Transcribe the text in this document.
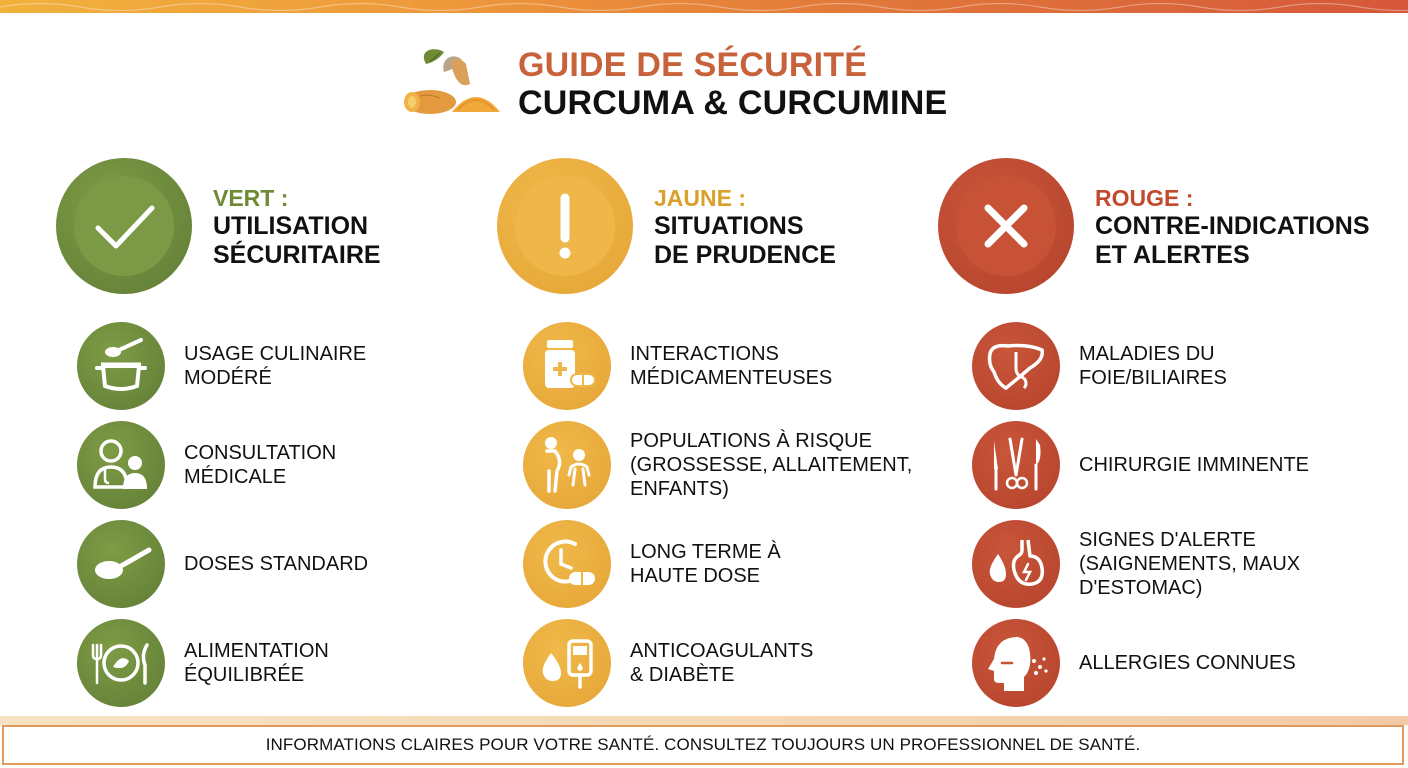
GUIDE DE SÉCURITÉ
CURCUMA & CURCUMINE
VERT :
UTILISATION
SÉCURITAIRE
USAGE CULINAIRE
MODÉRÉ
CONSULTATION
MÉDICALE
DOSES STANDARD
ALIMENTATION
ÉQUILIBRÉE
JAUNE :
SITUATIONS
DE PRUDENCE
INTERACTIONS
MÉDICAMENTEUSES
POPULATIONS À RISQUE
(GROSSESSE, ALLAITEMENT,
ENFANTS)
LONG TERME À
HAUTE DOSE
ANTICOAGULANTS
& DIABÈTE
ROUGE :
CONTRE-INDICATIONS
ET ALERTES
MALADIES DU
FOIE/BILIAIRES
CHIRURGIE IMMINENTE
SIGNES D'ALERTE
(SAIGNEMENTS, MAUX
D'ESTOMAC)
ALLERGIES CONNUES
INFORMATIONS CLAIRES POUR VOTRE SANTÉ. CONSULTEZ TOUJOURS UN PROFESSIONNEL DE SANTÉ.
